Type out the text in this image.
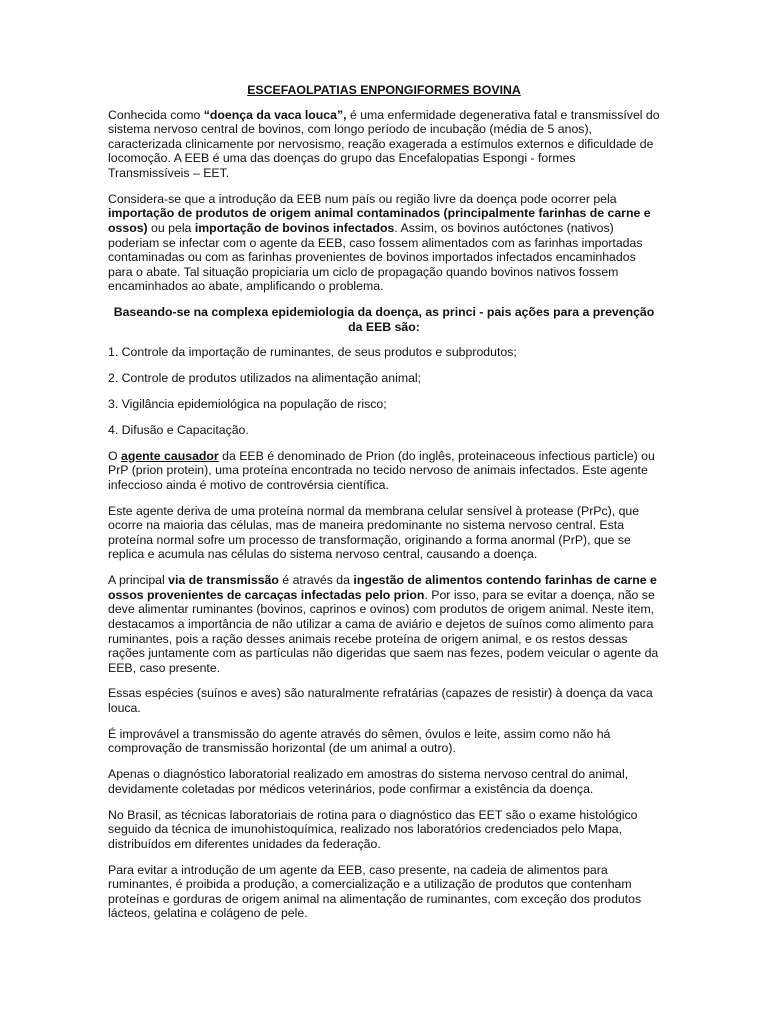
ESCEFAOLPATIAS ENPONGIFORMES BOVINA

Conhecida como “doença da vaca louca”, é uma enfermidade degenerativa fatal e transmissível do sistema nervoso central de bovinos, com longo período de incubação (média de 5 anos), caracterizada clinicamente por nervosismo, reação exagerada a estímulos externos e dificuldade de locomoção. A EEB é uma das doenças do grupo das Encefalopatias Espongi - formes Transmissíveis – EET.

Considera-se que a introdução da EEB num país ou região livre da doença pode ocorrer pela importação de produtos de origem animal contaminados (principalmente farinhas de carne e ossos) ou pela importação de bovinos infectados. Assim, os bovinos autóctones (nativos) poderiam se infectar com o agente da EEB, caso fossem alimentados com as farinhas importadas contaminadas ou com as farinhas provenientes de bovinos importados infectados encaminhados para o abate. Tal situação propiciaria um ciclo de propagação quando bovinos nativos fossem encaminhados ao abate, amplificando o problema.

Baseando-se na complexa epidemiologia da doença, as princi - pais ações para a prevenção da EEB são:

1. Controle da importação de ruminantes, de seus produtos e subprodutos;

2. Controle de produtos utilizados na alimentação animal;

3. Vigilância epidemiológica na população de risco;

4. Difusão e Capacitação.

O agente causador da EEB é denominado de Prion (do inglês, proteinaceous infectious particle) ou PrP (prion protein), uma proteína encontrada no tecido nervoso de animais infectados. Este agente infeccioso ainda é motivo de controvérsia científica.

Este agente deriva de uma proteína normal da membrana celular sensível à protease (PrPc), que ocorre na maioria das células, mas de maneira predominante no sistema nervoso central. Esta proteína normal sofre um processo de transformação, originando a forma anormal (PrP), que se replica e acumula nas células do sistema nervoso central, causando a doença.

A principal via de transmissão é através da ingestão de alimentos contendo farinhas de carne e ossos provenientes de carcaças infectadas pelo prion. Por isso, para se evitar a doença, não se deve alimentar ruminantes (bovinos, caprinos e ovinos) com produtos de origem animal. Neste item, destacamos a importância de não utilizar a cama de aviário e dejetos de suínos como alimento para ruminantes, pois a ração desses animais recebe proteína de origem animal, e os restos dessas rações juntamente com as partículas não digeridas que saem nas fezes, podem veicular o agente da EEB, caso presente.

Essas espécies (suínos e aves) são naturalmente refratárias (capazes de resistir) à doença da vaca louca.

É improvável a transmissão do agente através do sêmen, óvulos e leite, assim como não há comprovação de transmissão horizontal (de um animal a outro).

Apenas o diagnóstico laboratorial realizado em amostras do sistema nervoso central do animal, devidamente coletadas por médicos veterinários, pode confirmar a existência da doença.

No Brasil, as técnicas laboratoriais de rotina para o diagnóstico das EET são o exame histológico seguido da técnica de imunohistoquímica, realizado nos laboratórios credenciados pelo Mapa, distribuídos em diferentes unidades da federação.

Para evitar a introdução de um agente da EEB, caso presente, na cadeia de alimentos para ruminantes, é proibida a produção, a comercialização e a utilização de produtos que contenham proteínas e gorduras de origem animal na alimentação de ruminantes, com exceção dos produtos lácteos, gelatina e colágeno de pele.
